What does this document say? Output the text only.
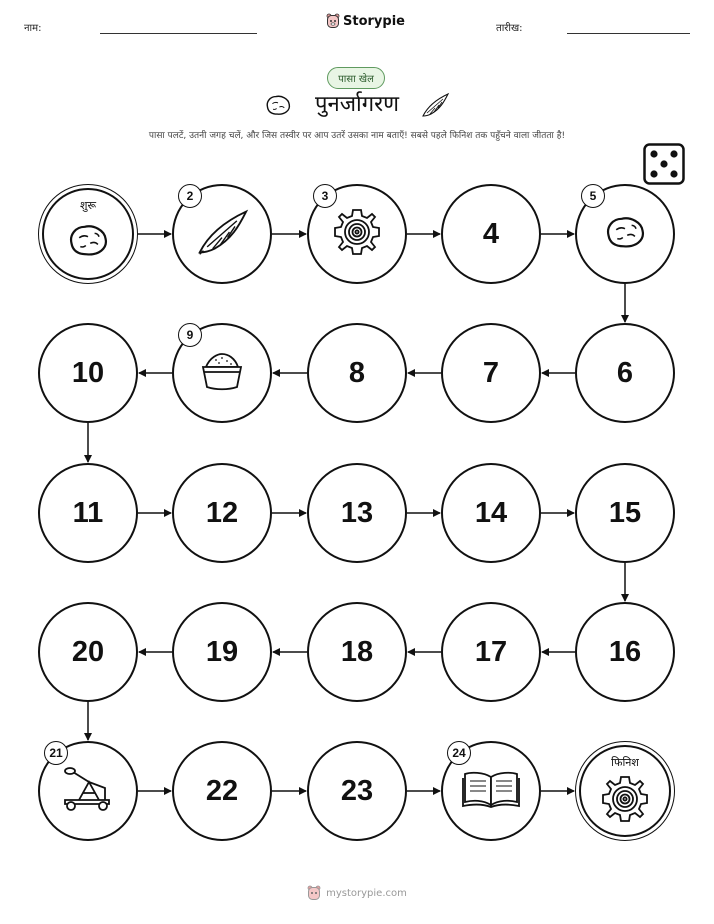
नाम:	Storypie	तारीख:
पासा खेल
पुनर्जागरण
पासा पलटें, उतनी जगह चलें, और जिस तस्वीर पर आप उतरें उसका नाम बताएँ! सबसे पहले फिनिश तक पहुँचने वाला जीतता है!
शुरू
2	3
4
5
6
7
8
9
10
11	12	13	14	15
16
17
18
19
20
21
22	23
24
फिनिश
mystorypie.com
